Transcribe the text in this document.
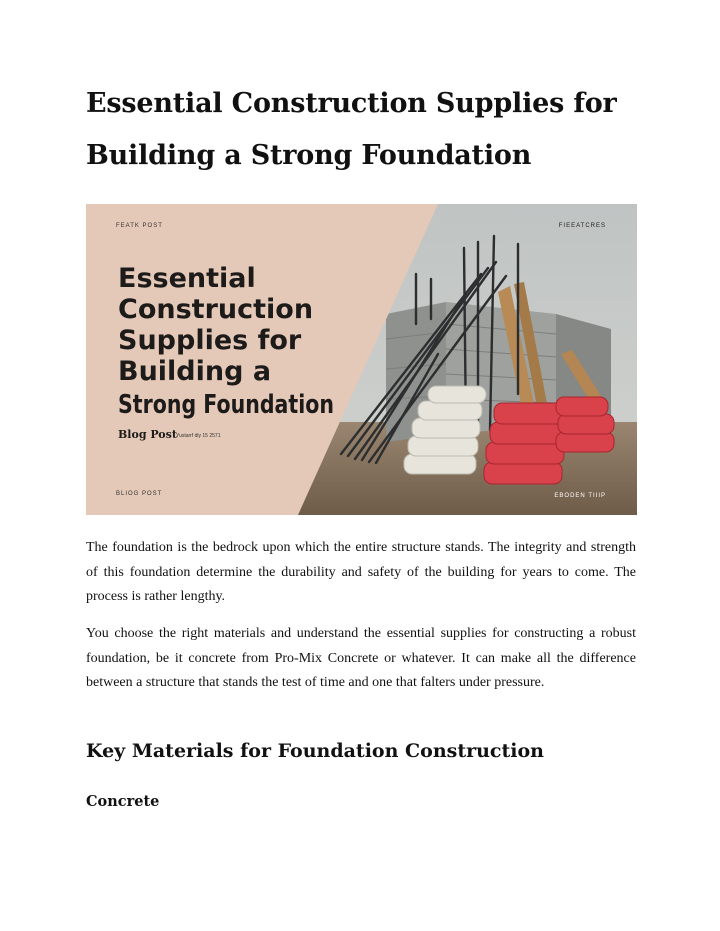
Essential Construction Supplies for Building a Strong Foundation
FEATK POST	FIEEATCRES
Essential
Construction
Supplies for
Building a
Strong Foundation
Blog Post Yustarrf dly 15 2571
BLIOG POST	EBODEN TIIIP

The foundation is the bedrock upon which the entire structure stands. The integrity and strength of this foundation determine the durability and safety of the building for years to come. The process is rather lengthy.

You choose the right materials and understand the essential supplies for constructing a robust foundation, be it concrete from Pro-Mix Concrete or whatever. It can make all the difference between a structure that stands the test of time and one that falters under pressure.

Key Materials for Foundation Construction
Concrete
